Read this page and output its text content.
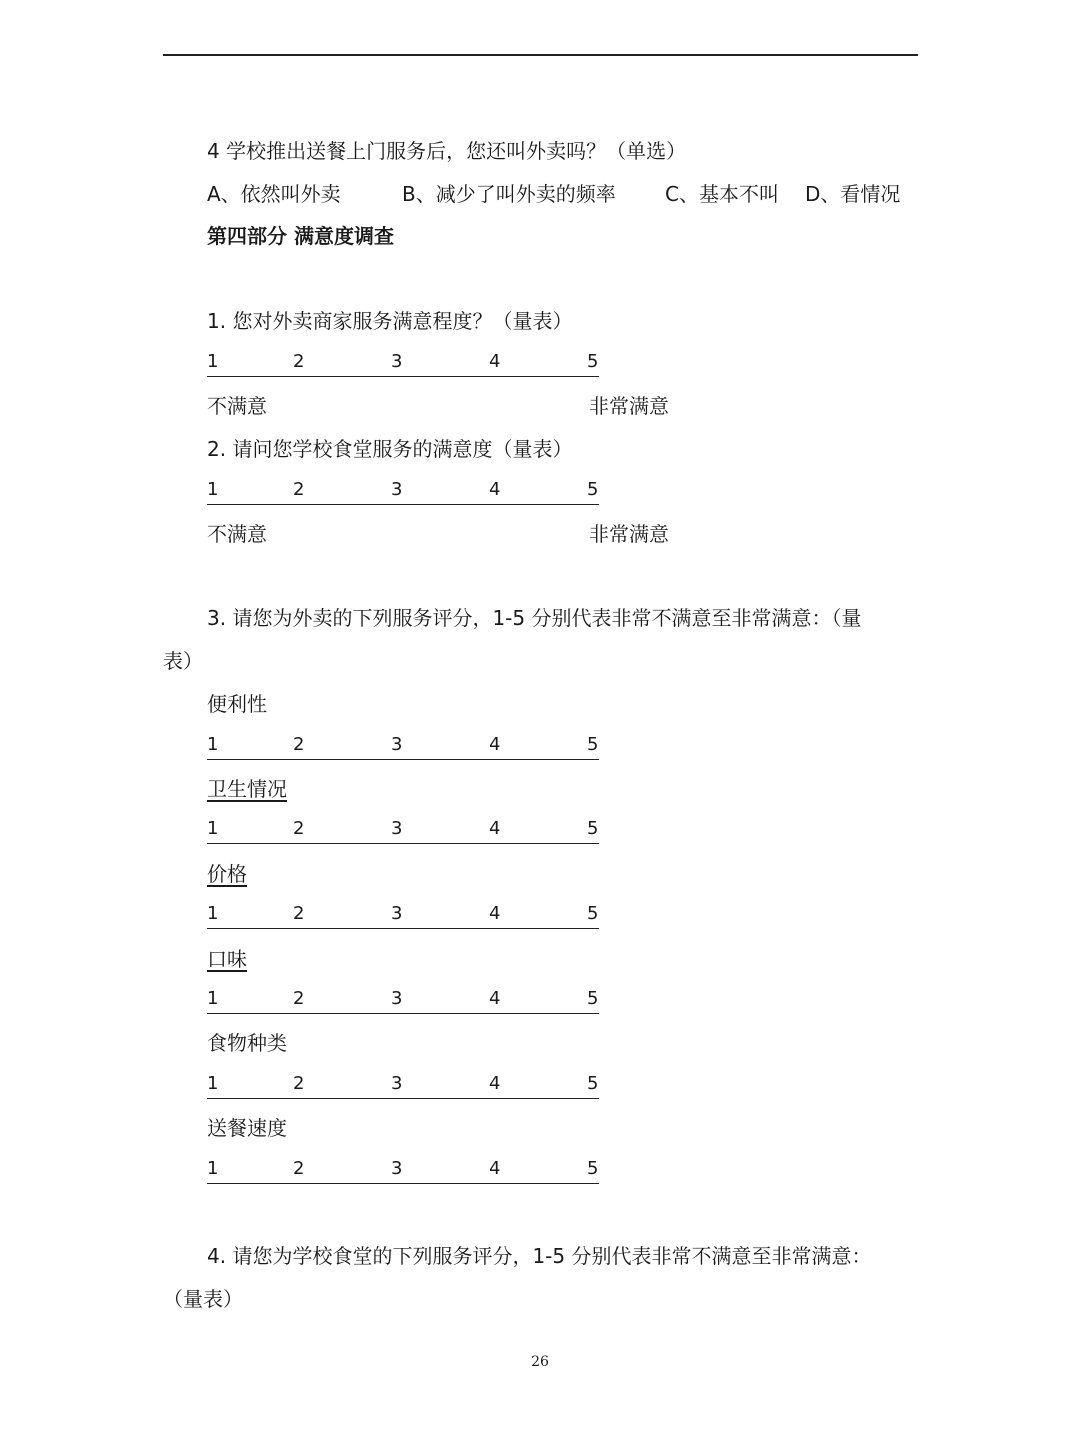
4 学校推出送餐上门服务后，您还叫外卖吗？（单选）
A、依然叫外卖	B、减少了叫外卖的频率 C、基本不叫 D、看情况
第四部分 满意度调查
1. 您对外卖商家服务满意程度？（量表）
1	2	3	4	5
不满意	非常满意
2. 请问您学校食堂服务的满意度（量表）
1	2	3	4	5
不满意	非常满意
3. 请您为外卖的下列服务评分，1-5 分别代表非常不满意至非常满意：（量
表）
便利性
1	2	3	4	5
卫生情况
1	2	3	4	5
价格
1	2	3	4	5
口味
1	2	3	4	5
食物种类
1	2	3	4	5
送餐速度
1	2	3	4	5
4. 请您为学校食堂的下列服务评分，1-5 分别代表非常不满意至非常满意：
（量表）
26
